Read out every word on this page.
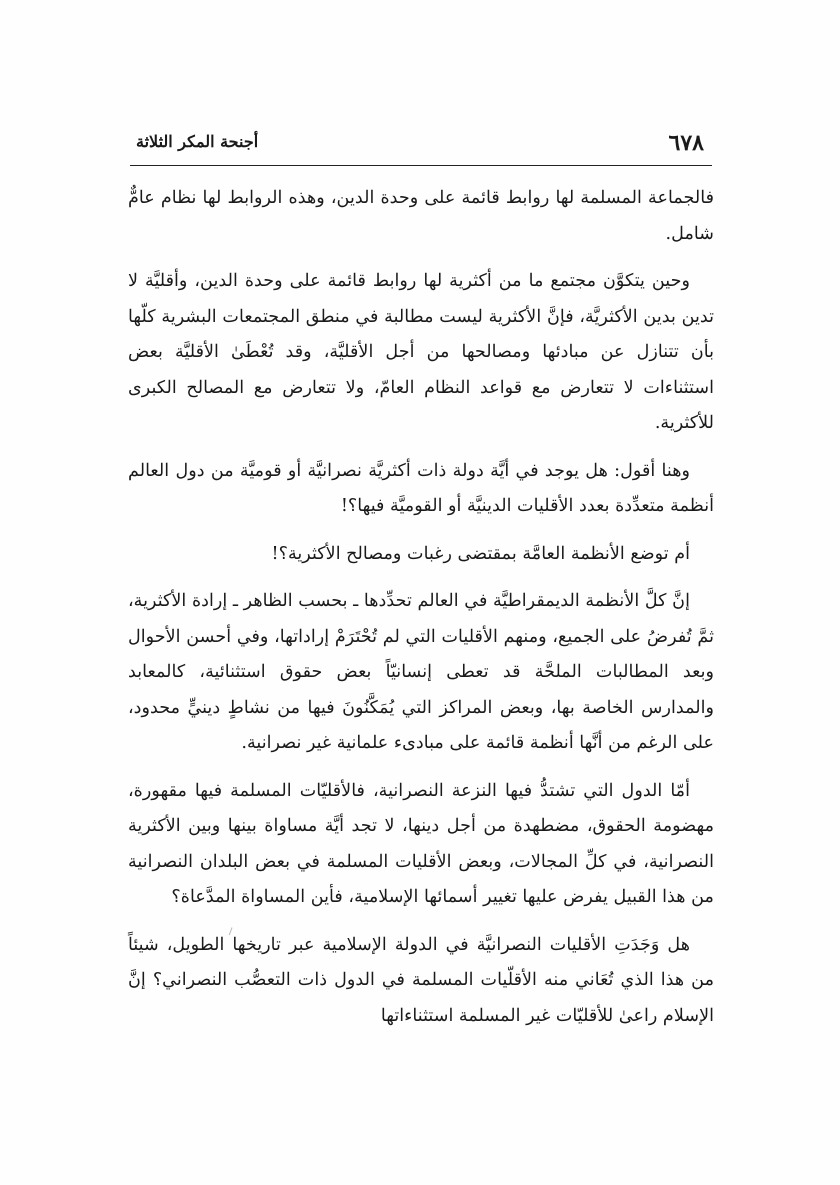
٦٧٨
أجنحة المكر الثلاثة

فالجماعة المسلمة لها روابط قائمة على وحدة الدين، وهذه الروابط لها نظام عامٌّ شامل.

وحين يتكوَّن مجتمع ما من أكثرية لها روابط قائمة على وحدة الدين، وأقليَّة لا تدين بدين الأكثريَّة، فإنَّ الأكثرية ليست مطالبة في منطق المجتمعات البشرية كلّها بأن تتنازل عن مبادئها ومصالحها من أجل الأقليَّة، وقد تُعْطَىٰ الأقليَّة بعض استثناءات لا تتعارض مع قواعد النظام العامّ، ولا تتعارض مع المصالح الكبرى للأكثرية.

وهنا أقول: هل يوجد في أيَّة دولة ذات أكثريَّة نصرانيَّة أو قوميَّة من دول العالم أنظمة متعدِّدة بعدد الأقليات الدينيَّة أو القوميَّة فيها؟!

أم توضع الأنظمة العامَّة بمقتضى رغبات ومصالح الأكثرية؟!

إنَّ كلَّ الأنظمة الديمقراطيَّة في العالم تحدِّدها ـ بحسب الظاهر ـ إرادة الأكثرية، ثمَّ تُفرضُ على الجميع، ومنهم الأقليات التي لم تُحْتَرَمْ إراداتها، وفي أحسن الأحوال وبعد المطالبات الملحَّة قد تعطى إنسانيّاً بعض حقوق استثنائية، كالمعابد والمدارس الخاصة بها، وبعض المراكز التي يُمَكَّنُونَ فيها من نشاطٍ دينيٍّ محدود، على الرغم من أنَّها أنظمة قائمة على مبادىء علمانية غير نصرانية.

أمّا الدول التي تشتدُّ فيها النزعة النصرانية، فالأقليّات المسلمة فيها مقهورة، مهضومة الحقوق، مضطهدة من أجل دينها، لا تجد أيَّة مساواة بينها وبين الأكثرية النصرانية، في كلِّ المجالات، وبعض الأقليات المسلمة في بعض البلدان النصرانية من هذا القبيل يفرض عليها تغيير أسمائها الإسلامية، فأين المساواة المدَّعاة؟

هل وَجَدَتِ الأقليات النصرانيَّة في الدولة الإسلامية عبر تاريخها الطويل، شيئاً من هذا الذي تُعَاني منه الأقلّيات المسلمة في الدول ذات التعصُّب النصراني؟ إنَّ الإسلام راعىٰ للأقليّات غير المسلمة استثناءاتها
